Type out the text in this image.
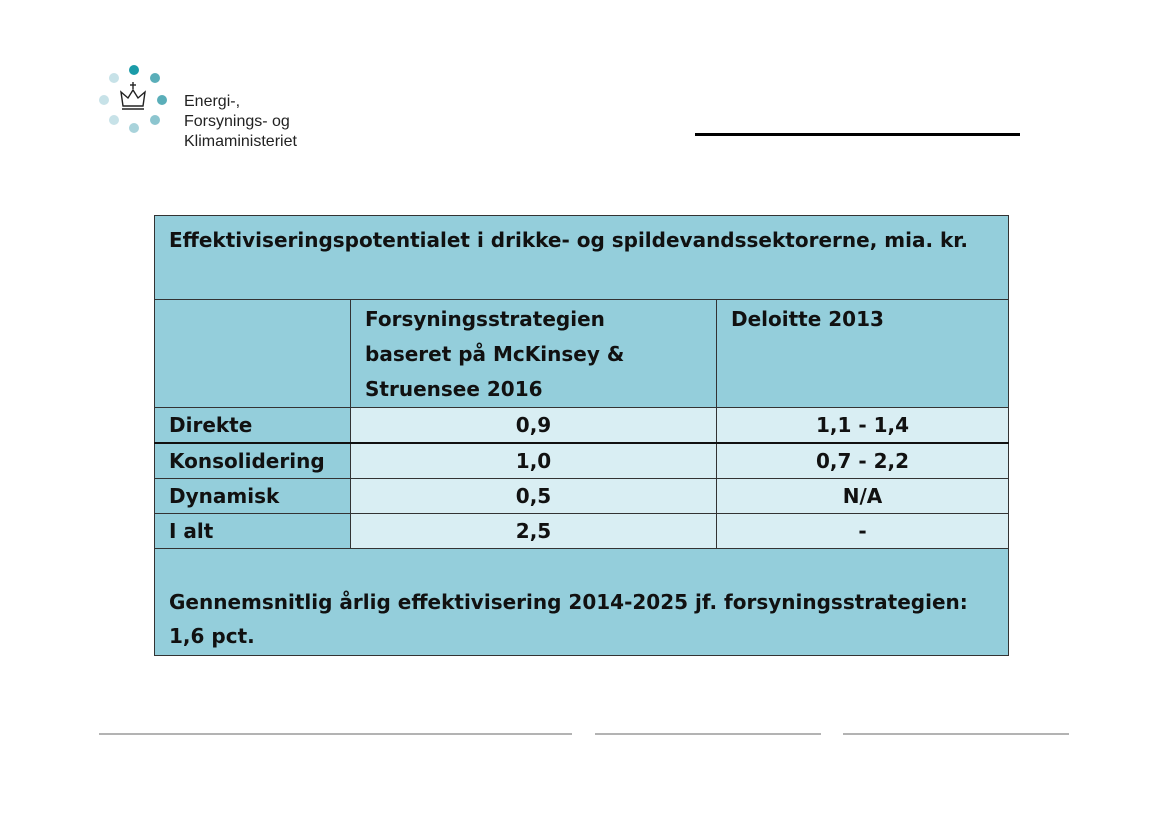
Energi-,
Forsynings- og
Klimaministeriet
Effektiviseringspotentialet i drikke- og spildevandssektorerne, mia. kr.		

	Forsyningsstrategien
baseret på McKinsey &
Struensee 2016	Deloitte 2013

Direkte	0,9	1,1 - 1,4
Konsolidering	1,0	0,7 - 2,2
Dynamisk	0,5	N/A
I alt	2,5	-

Gennemsnitlig årlig effektivisering 2014-2025 jf. forsyningsstrategien:
1,6 pct.		
